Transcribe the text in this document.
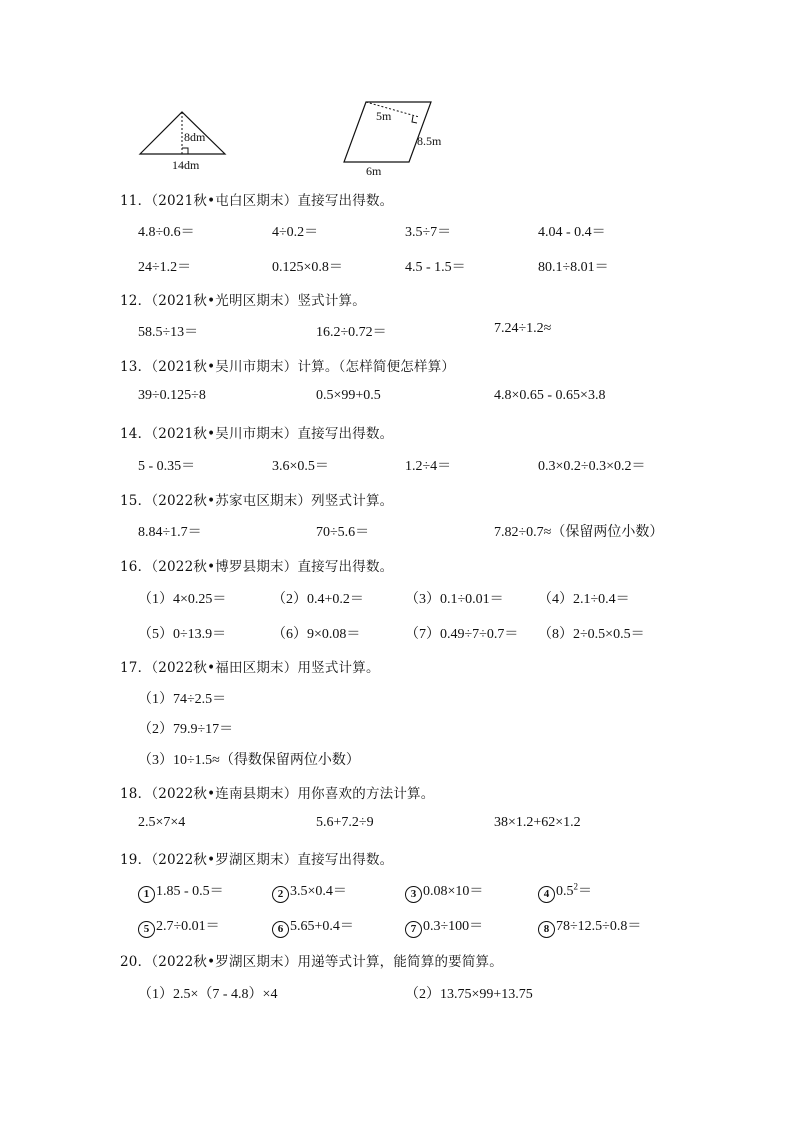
8dm
14dm
5m
8.5m
6m
11．（2021秋•屯白区期末）直接写出得数。
4.8÷0.6＝	4÷0.2＝	3.5÷7＝	4.04 - 0.4＝
24÷1.2＝	0.125×0.8＝	4.5 - 1.5＝	80.1÷8.01＝
12．（2021秋•光明区期末）竖式计算。
58.5÷13＝	16.2÷0.72＝	7.24÷1.2≈
13．（2021秋•吴川市期末）计算。（怎样简便怎样算）
39÷0.125÷8	0.5×99+0.5	4.8×0.65 - 0.65×3.8
14．（2021秋•吴川市期末）直接写出得数。
5 - 0.35＝	3.6×0.5＝	1.2÷4＝	0.3×0.2÷0.3×0.2＝
15．（2022秋•苏家屯区期末）列竖式计算。
8.84÷1.7＝	70÷5.6＝	7.82÷0.7≈（保留两位小数）
16．（2022秋•博罗县期末）直接写出得数。
（1）4×0.25＝	（2）0.4+0.2＝	（3）0.1÷0.01＝ （4）2.1÷0.4＝
（5）0÷13.9＝	（6）9×0.08＝	（7）0.49÷7÷0.7＝ （8）2÷0.5×0.5＝
17．（2022秋•福田区期末）用竖式计算。
（1）74÷2.5＝
（2）79.9÷17＝
（3）10÷1.5≈（得数保留两位小数）
18．（2022秋•连南县期末）用你喜欢的方法计算。
2.5×7×4	5.6+7.2÷9	38×1.2+62×1.2
19．（2022秋•罗湖区期末）直接写出得数。
1 1.85 - 0.5＝	2 3.5×0.4＝	3 0.08×10＝	4 $0.5^2=$
5 2.7÷0.01＝	6 5.65+0.4＝	7 0.3÷100＝	8 78÷12.5÷0.8＝
20．（2022秋•罗湖区期末）用递等式计算，能简算的要简算。
（1）2.5×（7 - 4.8）×4	（2）13.75×99+13.75
